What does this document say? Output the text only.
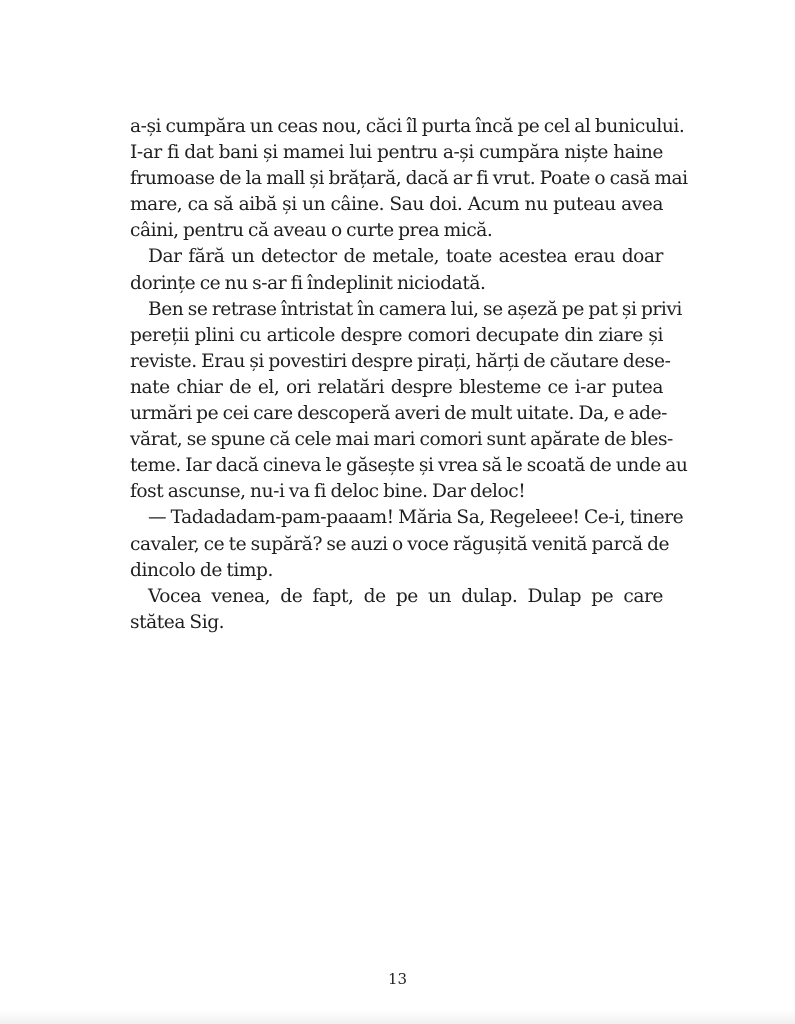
a-și cumpăra un ceas nou, căci îl purta încă pe cel al bunicului.
I-ar fi dat bani și mamei lui pentru a-și cumpăra niște haine
frumoase de la mall și brățară, dacă ar fi vrut. Poate o casă mai
mare, ca să aibă și un câine. Sau doi. Acum nu puteau avea
câini, pentru că aveau o curte prea mică.
Dar fără un detector de metale, toate acestea erau doar
dorințe ce nu s-ar fi îndeplinit niciodată.
Ben se retrase întristat în camera lui, se așeză pe pat și privi
pereții plini cu articole despre comori decupate din ziare și
reviste. Erau și povestiri despre pirați, hărți de căutare dese-
nate chiar de el, ori relatări despre blesteme ce i-ar putea
urmări pe cei care descoperă averi de mult uitate. Da, e ade-
vărat, se spune că cele mai mari comori sunt apărate de bles-
teme. Iar dacă cineva le găsește și vrea să le scoată de unde au
fost ascunse, nu-i va fi deloc bine. Dar deloc!
— Tadadadam-pam-paaam! Măria Sa, Regeleee! Ce-i, tinere
cavaler, ce te supără? se auzi o voce răgușită venită parcă de
dincolo de timp.
Vocea venea, de fapt, de pe un dulap. Dulap pe care
stătea Sig.
13
